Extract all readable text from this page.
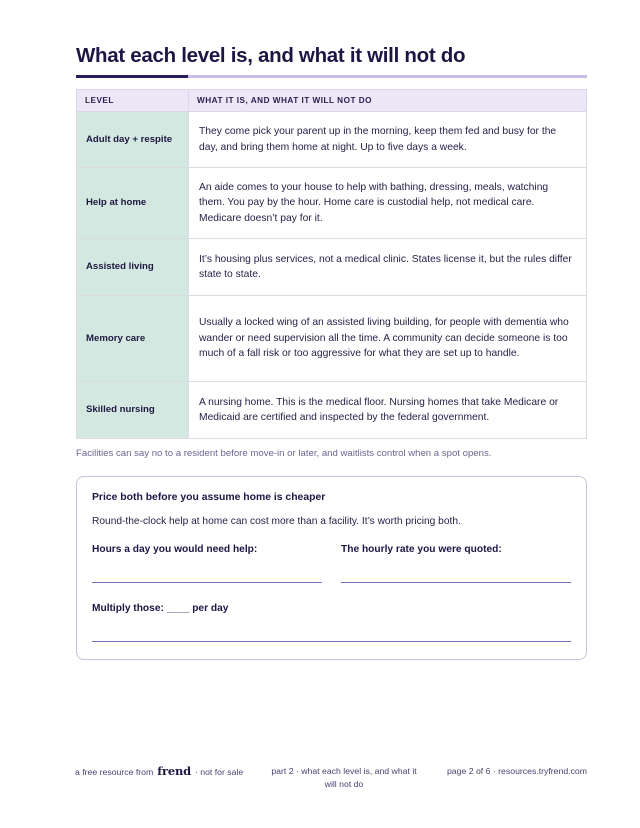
What each level is, and what it will not do
LEVEL	WHAT IT IS, AND WHAT IT WILL NOT DO
Adult day + respite	They come pick your parent up in the morning, keep them fed and busy for the day, and bring them home at night. Up to five days a week.
Help at home	An aide comes to your house to help with bathing, dressing, meals, watching them. You pay by the hour. Home care is custodial help, not medical care. Medicare doesn’t pay for it.
Assisted living	It’s housing plus services, not a medical clinic. States license it, but the rules differ state to state.
Memory care	Usually a locked wing of an assisted living building, for people with dementia who wander or need supervision all the time. A community can decide someone is too much of a fall risk or too aggressive for what they are set up to handle.
Skilled nursing	A nursing home. This is the medical floor. Nursing homes that take Medicare or Medicaid are certified and inspected by the federal government.
Facilities can say no to a resident before move-in or later, and waitlists control when a spot opens.
Price both before you assume home is cheaper
Round-the-clock help at home can cost more than a facility. It’s worth pricing both.
Hours a day you would need help:	The hourly rate you were quoted:
Multiply those: ____ per day
a free resource from frend · not for sale	part 2 · what each level is, and what it will not do
page 2 of 6 · resources.tryfrend.com
